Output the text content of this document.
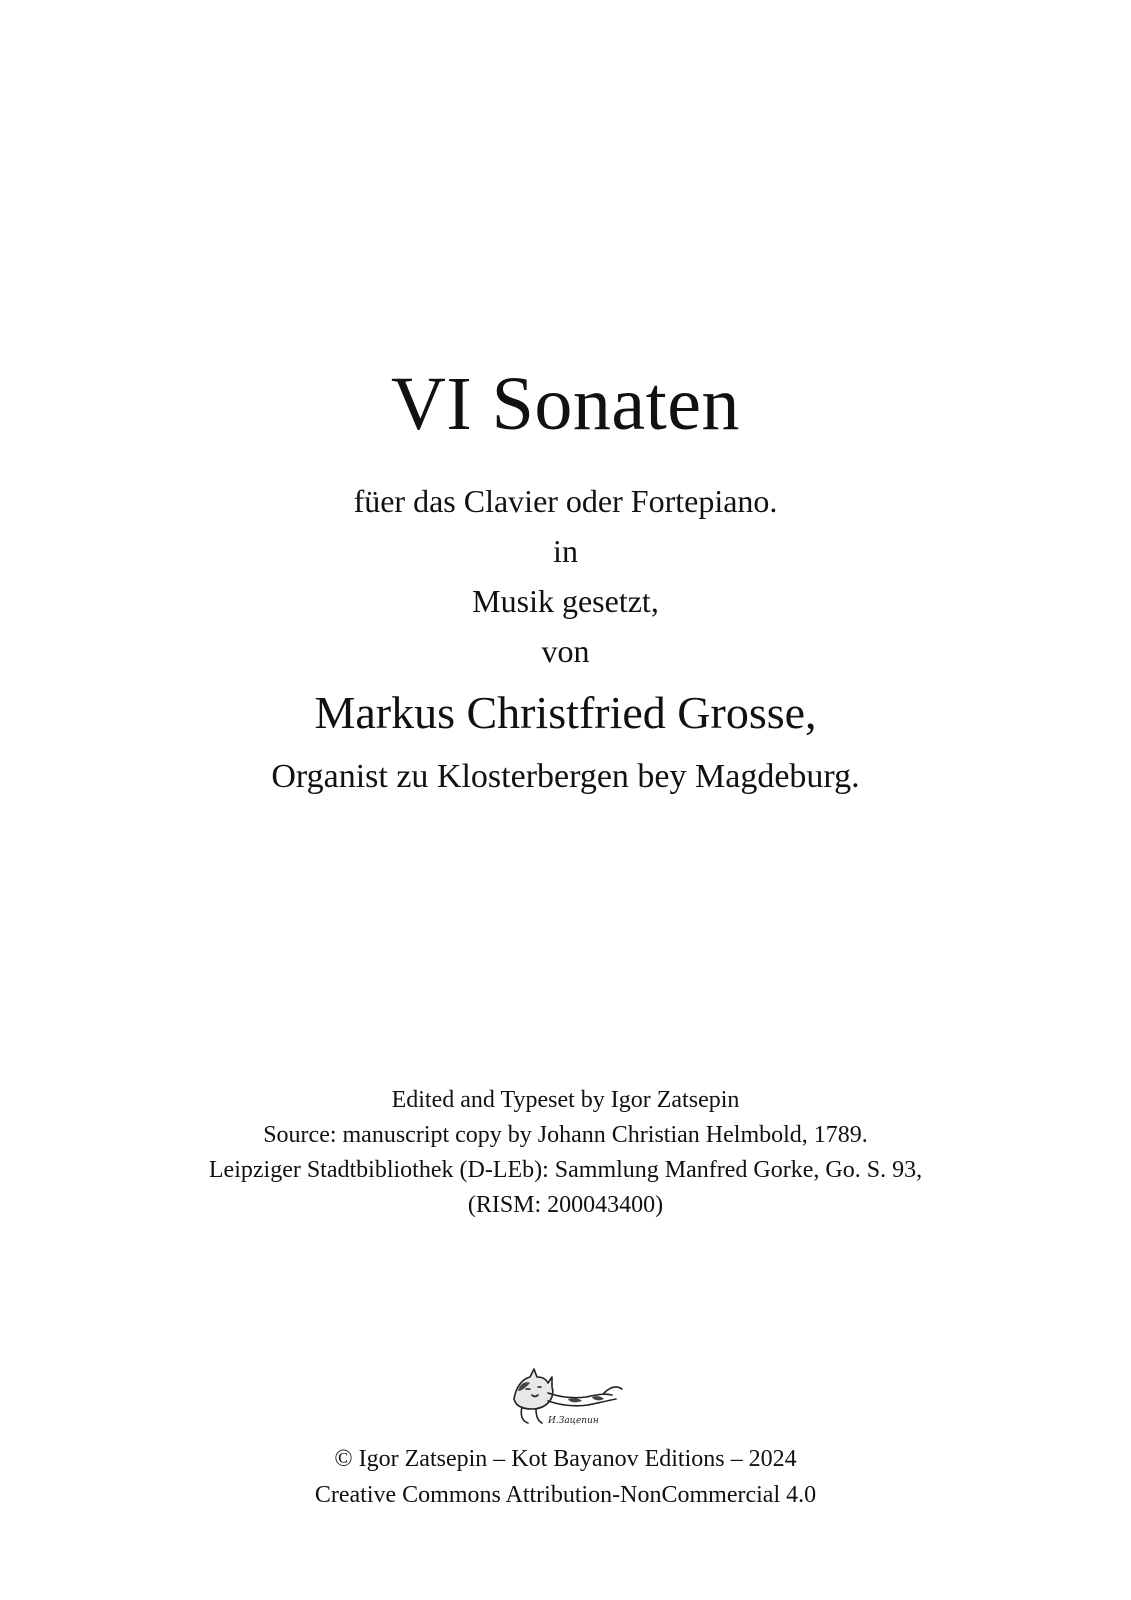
VI Sonaten
füer das Clavier oder Fortepiano.
in
Musik gesetzt,
von
Markus Christfried Grosse,
Organist zu Klosterbergen bey Magdeburg.
Edited and Typeset by Igor Zatsepin
Source: manuscript copy by Johann Christian Helmbold, 1789.
Leipziger Stadtbibliothek (D-LEb): Sammlung Manfred Gorke, Go. S. 93,
(RISM: 200043400)
И.Зацепин
© Igor Zatsepin – Kot Bayanov Editions – 2024
Creative Commons Attribution-NonCommercial 4.0
